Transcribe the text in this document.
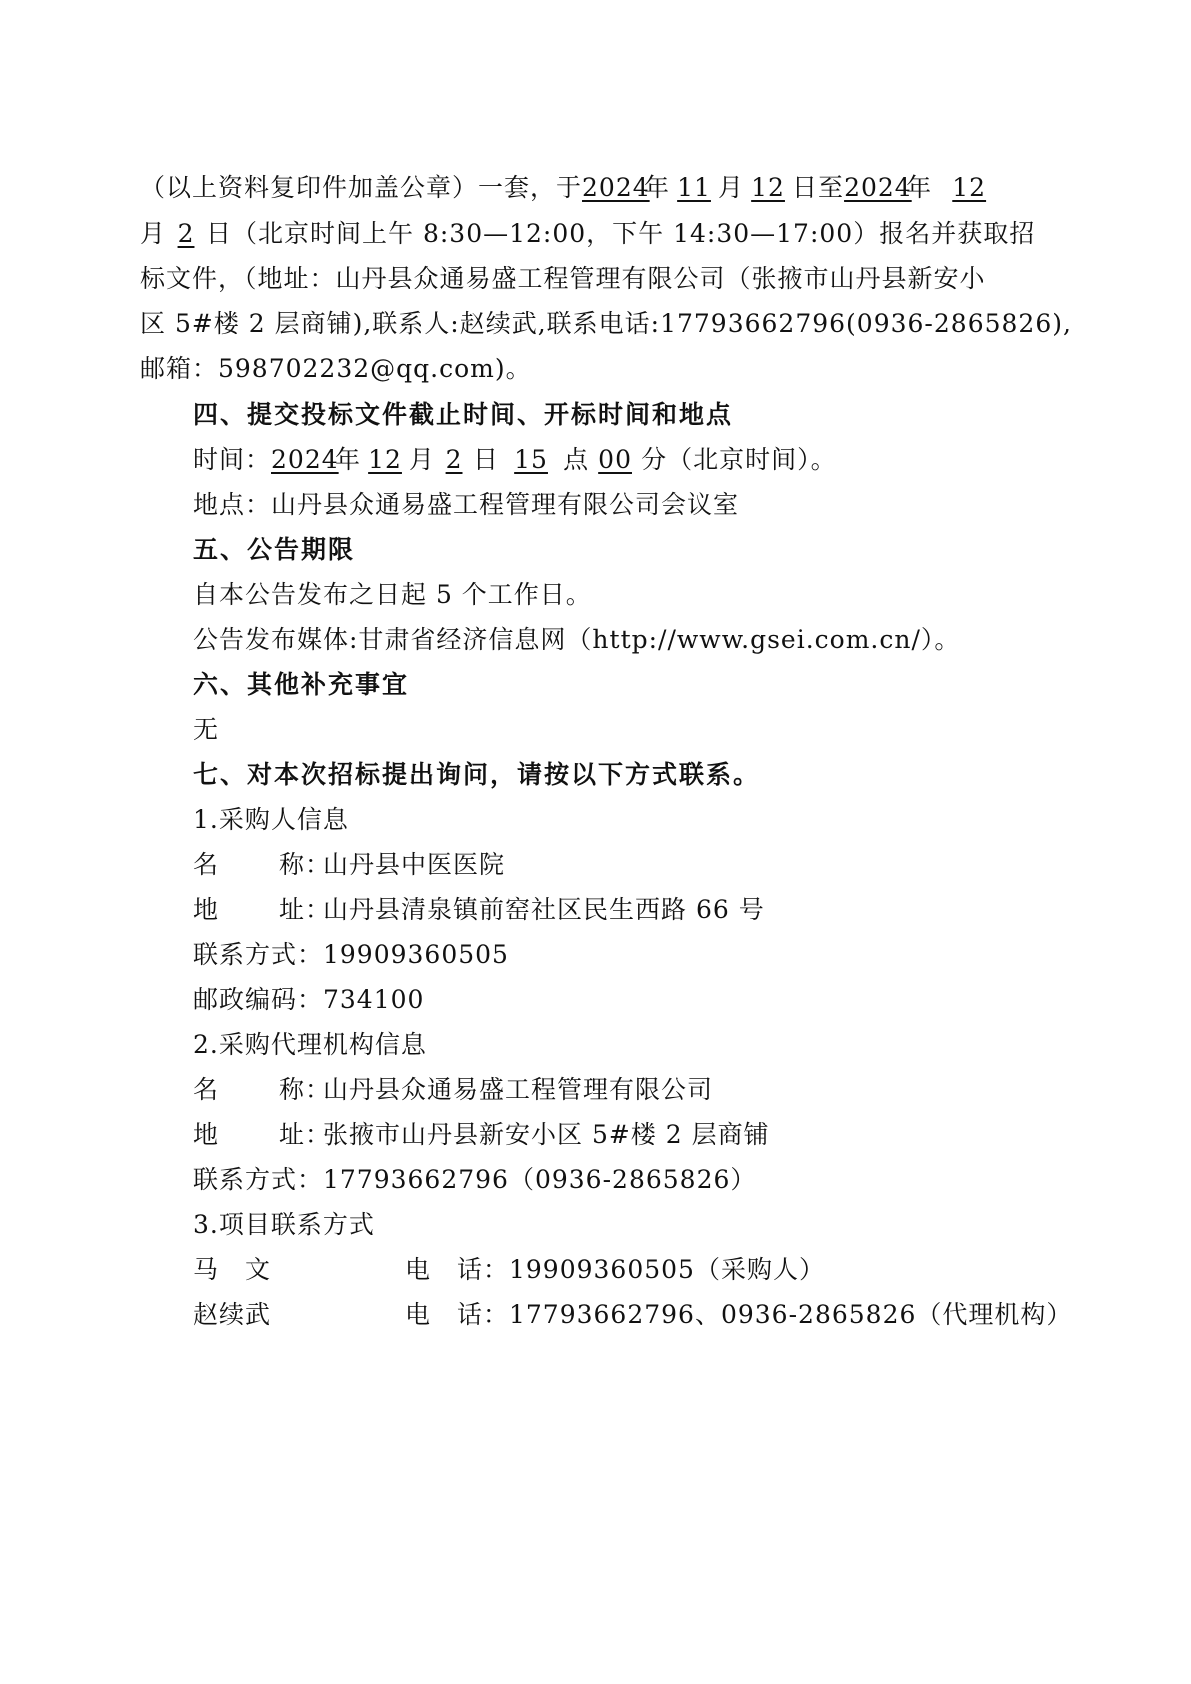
（以上资料复印件加盖公章）一套，于2024年 11 月 12 日至2024年 12
月 2 日（北京时间上午 8:30—12:00，下午 14:30—17:00）报名并获取招
标文件，（地址：山丹县众通易盛工程管理有限公司（张掖市山丹县新安小
区 5#楼 2 层商铺),联系人:赵续武,联系电话:17793662796(0936-2865826),
邮箱：598702232@qq.com)。
四、提交投标文件截止时间、开标时间和地点
时间：2024年 12 月 2 日 15 点 00 分（北京时间）。
地点：山丹县众通易盛工程管理有限公司会议室
五、公告期限
自本公告发布之日起 5 个工作日。
公告发布媒体:甘肃省经济信息网（http://www.gsei.com.cn/）。
六、其他补充事宜
无
七、对本次招标提出询问，请按以下方式联系。
1.采购人信息
名 称：山丹县中医医院
地 址：山丹县清泉镇前窑社区民生西路 66 号
联系方式：19909360505
邮政编码：734100
2.采购代理机构信息
名 称：山丹县众通易盛工程管理有限公司
地 址：张掖市山丹县新安小区 5#楼 2 层商铺
联系方式：17793662796（0936-2865826）
3.项目联系方式
马　文	电　话：19909360505（采购人）
赵续武	电　话：17793662796、0936-2865826（代理机构）
